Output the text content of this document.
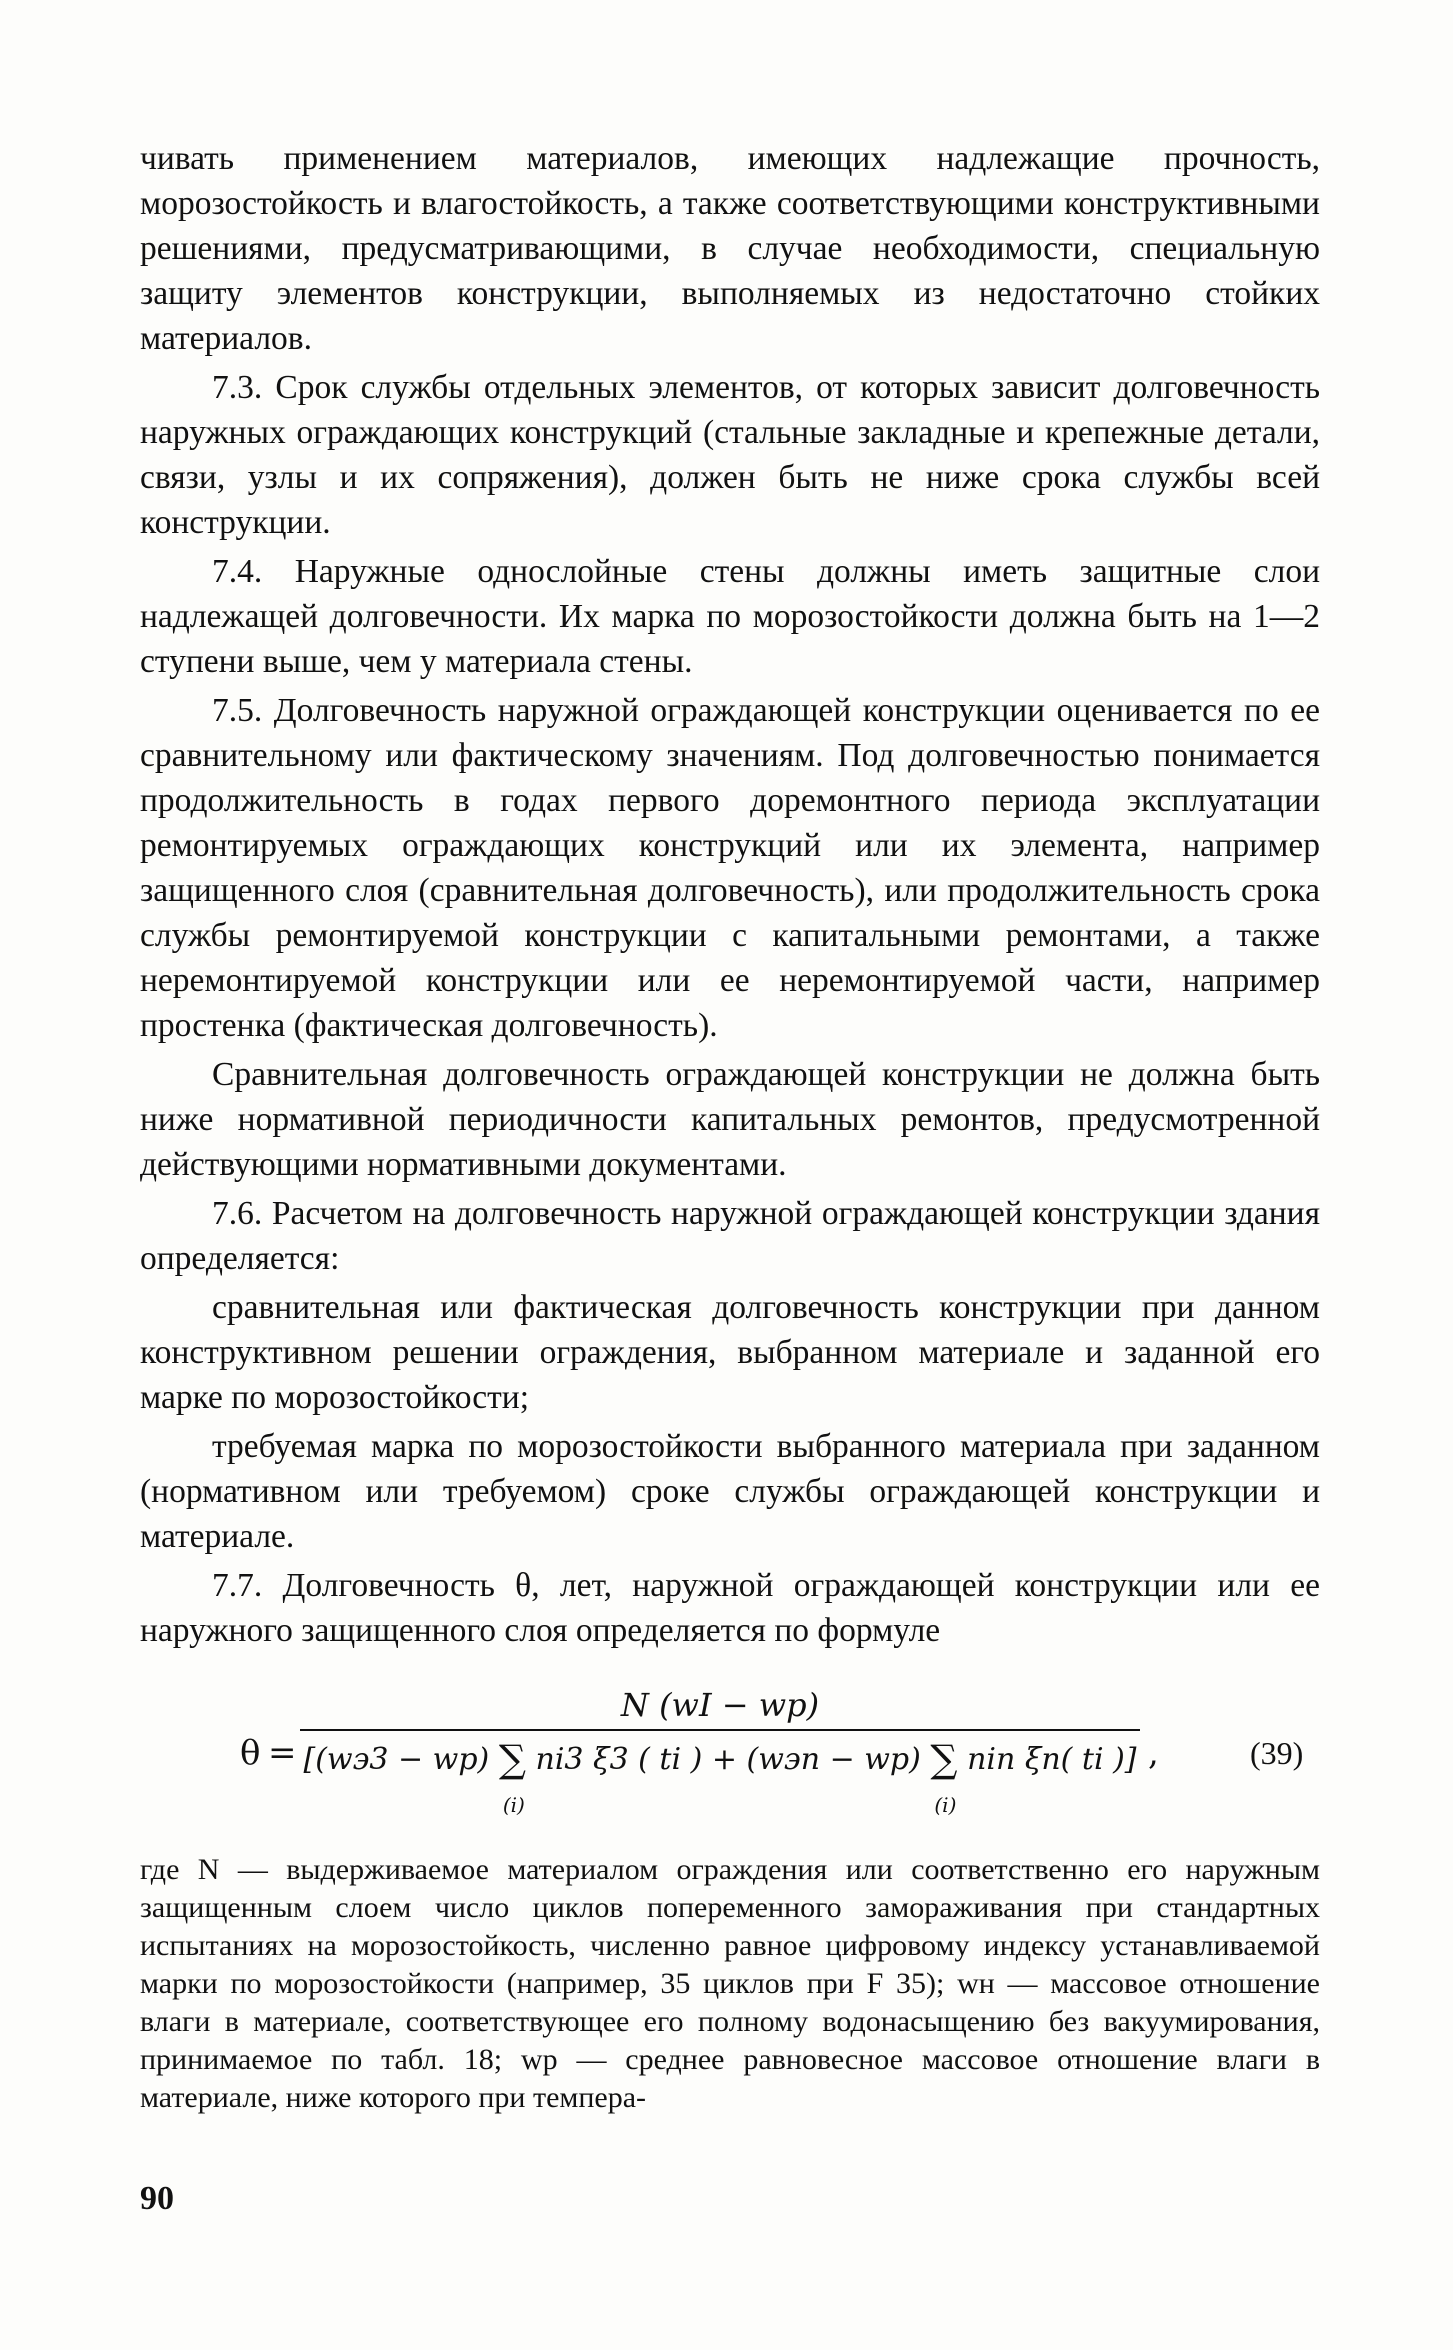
чивать применением материалов, имеющих надлежащие прочность, морозостойкость и влагостойкость, а также соответствующими конструктивными решениями, предусматривающими, в случае необходимости, специальную защиту элементов конструкции, выполняемых из недостаточно стойких материалов.

7.3. Срок службы отдельных элементов, от которых зависит долговечность наружных ограждающих конструкций (стальные закладные и крепежные детали, связи, узлы и их сопряжения), должен быть не ниже срока службы всей конструкции.

7.4. Наружные однослойные стены должны иметь защитные слои надлежащей долговечности. Их марка по морозостойкости должна быть на 1—2 ступени выше, чем у материала стены.

7.5. Долговечность наружной ограждающей конструкции оценивается по ее сравнительному или фактическому значениям. Под долговечностью понимается продолжительность в годах первого доремонтного периода эксплуатации ремонтируемых ограждающих конструкций или их элемента, например защищенного слоя (сравнительная долговечность), или продолжительность срока службы ремонтируемой конструкции с капитальными ремонтами, а также неремонтируемой конструкции или ее неремонтируемой части, например простенка (фактическая долговечность).

Сравнительная долговечность ограждающей конструкции не должна быть ниже нормативной периодичности капитальных ремонтов, предусмотренной действующими нормативными документами.

7.6. Расчетом на долговечность наружной ограждающей конструкции здания определяется:

сравнительная или фактическая долговечность конструкции при данном конструктивном решении ограждения, выбранном материале и заданной его марке по морозостойкости;

требуемая марка по морозостойкости выбранного материала при заданном (нормативном или требуемом) сроке службы ограждающей конструкции и материале.

7.7. Долговечность θ, лет, наружной ограждающей конструкции или ее наружного защищенного слоя определяется по формуле

θ =
N (wI − wp)
[(wэ3 − wp) ∑
(i)
ni3 ξ3 ( ti ) + (wэn − wp) ∑
(i)
nin ξn( ti )] ,	(39)

где N — выдерживаемое материалом ограждения или соответственно его наружным защищенным слоем число циклов попеременного замораживания при стандартных испытаниях на морозостойкость, численно равное цифровому индексу устанавливаемой марки по морозостойкости (например, 35 циклов при F 35); wн — массовое отношение влаги в материале, соответствующее его полному водонасыщению без вакуумирования, принимаемое по табл. 18; wр — среднее равновесное массовое отношение влаги в материале, ниже которого при темпера-

90
